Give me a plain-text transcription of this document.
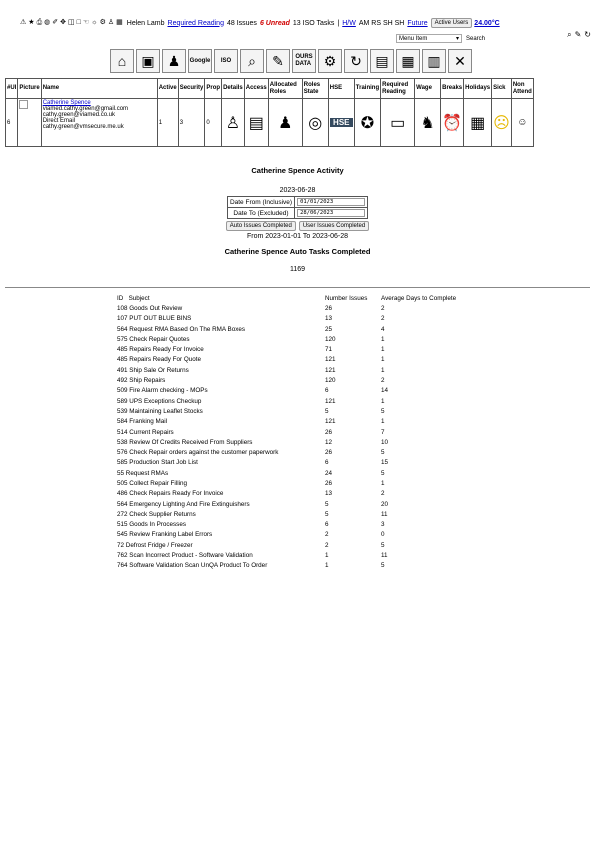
⚠ ★ ⎙ ◍ ✐ ✥ ◫ □ ☜ ☼ ⚙ ♙ ▦ Helen Lamb Required Reading 48 Issues 6 Unread 13 ISO Tasks | H/W AM RS SH SH Future	Active Users 24.00°C
Menu Item	▾ Search	⌕ ✎ ↻
⌂	▣ ♟	Google	ISO	⌕	✎	OURS
DATA ⚙ ↻ ▤ ▦ ▥ ✕
#UI	Picture	Name	Active	Security	Prop	Details	Access	Allocated Roles	Roles State	HSE	Training	Required Reading	Wage	Breaks	Holidays	Sick	Non Attend
6		Catherine Spence
viamed.cathy.green@gmail.com
cathy.green@viamed.co.uk
Direct Email
cathy.green@vmsecure.me.uk	1	3	0	♙	▤	♟	◎	HSE	✪	▭	♞	⏰	▦	☹	☺
Catherine Spence Activity
2023-06-28
Date From (Inclusive)	01/01/2023
Date To (Excluded)	28/06/2023
Auto Issues Completed	User Issues Completed
From 2023-01-01 To 2023-06-28
Catherine Spence Auto Tasks Completed
1169
ID Subject	Number Issues	Average Days to Complete
108 Goods Out Review	26	2
107 PUT OUT BLUE BINS	13	2
564 Request RMA Based On The RMA Boxes	25	4
575 Check Repair Quotes	120	1
485 Repairs Ready For Invoice	71	1
485 Repairs Ready For Quote	121	1
491 Ship Sale Or Returns	121	1
492 Ship Repairs	120	2
509 Fire Alarm checking - MOPs	6	14
589 UPS Exceptions Checkup	121	1
539 Maintaining Leaflet Stocks	5	5
584 Franking Mail	121	1
514 Current Repairs	26	7
538 Review Of Credits Received From Suppliers	12	10
576 Check Repair orders against the customer paperwork	26	5
585 Production Start Job List	6	15
55 Request RMAs	24	5
505 Collect Repair Filling	26	1
486 Check Repairs Ready For Invoice	13	2
564 Emergency Lighting And Fire Extinguishers	5	20
272 Check Supplier Returns	5	11
515 Goods In Processes	6	3
545 Review Franking Label Errors	2	0
72 Defrost Fridge / Freezer	2	5
762 Scan Incorrect Product - Software Validation	1	11
764 Software Validation Scan UnQA Product To Order	1	5
